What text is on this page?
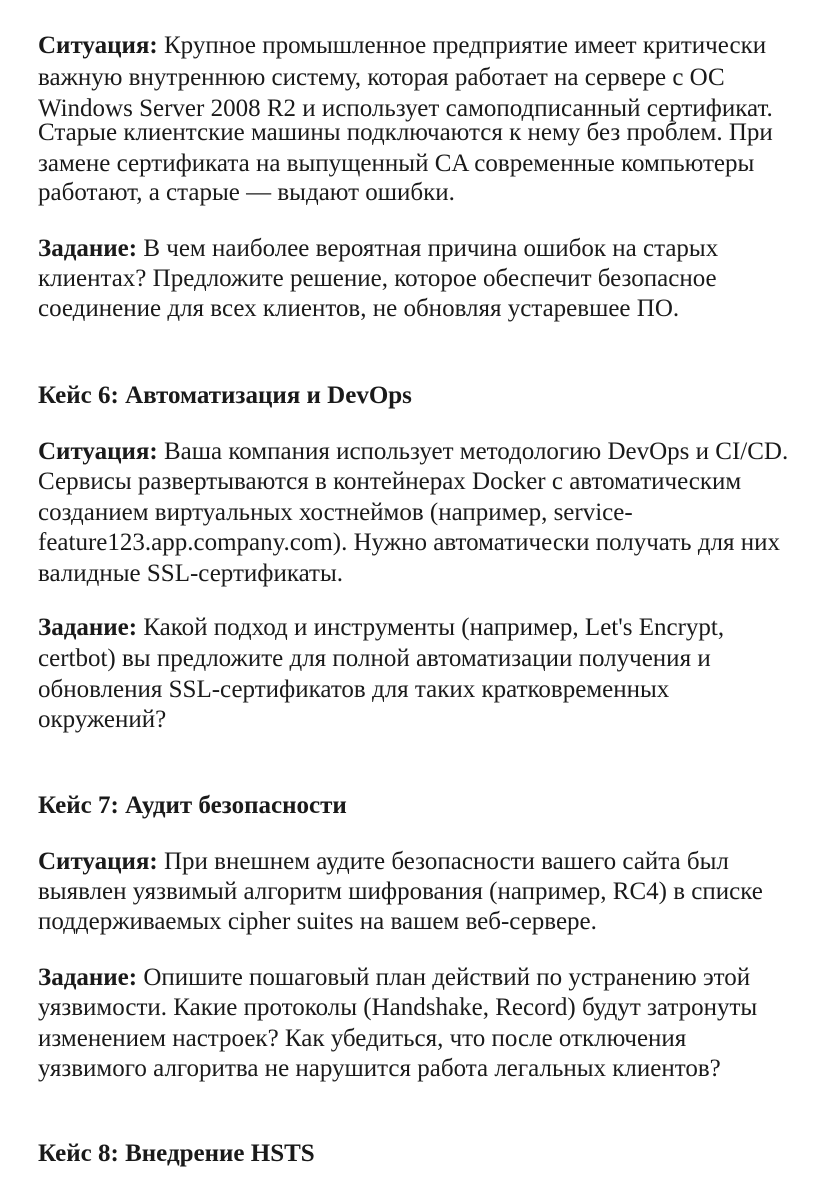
Ситуация: Крупное промышленное предприятие имеет критически
важную внутреннюю систему, которая работает на сервере с ОС
Windows Server 2008 R2 и использует самоподписанный сертификат.
Старые клиентские машины подключаются к нему без проблем. При
замене сертификата на выпущенный CA современные компьютеры
работают, а старые — выдают ошибки.
Задание: В чем наиболее вероятная причина ошибок на старых
клиентах? Предложите решение, которое обеспечит безопасное
соединение для всех клиентов, не обновляя устаревшее ПО.
Кейс 6: Автоматизация и DevOps
Ситуация: Ваша компания использует методологию DevOps и CI/CD.
Сервисы развертываются в контейнерах Docker с автоматическим
созданием виртуальных хостнеймов (например, service-
feature123.app.company.com). Нужно автоматически получать для них
валидные SSL-сертификаты.
Задание: Какой подход и инструменты (например, Let's Encrypt,
certbot) вы предложите для полной автоматизации получения и
обновления SSL-сертификатов для таких кратковременных
окружений?
Кейс 7: Аудит безопасности
Ситуация: При внешнем аудите безопасности вашего сайта был
выявлен уязвимый алгоритм шифрования (например, RC4) в списке
поддерживаемых cipher suites на вашем веб-сервере.
Задание: Опишите пошаговый план действий по устранению этой
уязвимости. Какие протоколы (Handshake, Record) будут затронуты
изменением настроек? Как убедиться, что после отключения
уязвимого алгоритва не нарушится работа легальных клиентов?
Кейс 8: Внедрение HSTS
